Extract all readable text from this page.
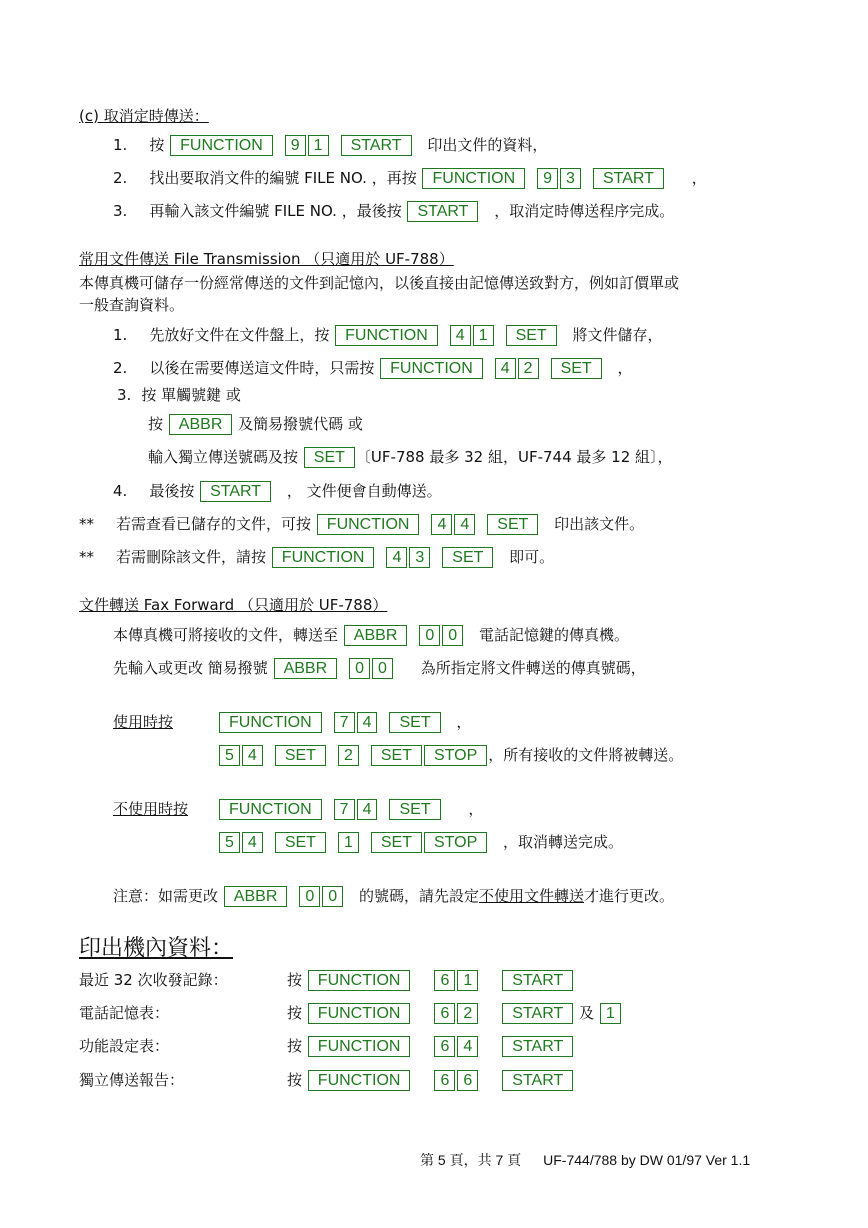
(c) 取消定時傳送：
1. 按 FUNCTION 9 1 START 印出文件的資料，
2. 找出要取消文件的編號 FILE NO. ，再按 FUNCTION 9 3 START	，
3. 再輸入該文件編號 FILE NO. ，最後按 START ，取消定時傳送程序完成。
常用文件傳送 File Transmission （只適用於 UF-788）
本傳真機可儲存一份經常傳送的文件到記憶內，以後直接由記憶傳送致對方，例如訂價單或
一般查詢資料。
1. 先放好文件在文件盤上，按 FUNCTION 4 1 SET 將文件儲存，
2. 以後在需要傳送這文件時，只需按 FUNCTION 4 2 SET ，
3. 按 單觸號鍵 或
按 ABBR 及簡易撥號代碼 或
輸入獨立傳送號碼及按 SET 〔UF-788 最多 32 組，UF-744 最多 12 組〕，
4. 最後按 START ， 文件便會自動傳送。
** 若需查看已儲存的文件，可按 FUNCTION 4 4 SET 印出該文件。
** 若需刪除該文件，請按 FUNCTION 4 3 SET 即可。
文件轉送 Fax Forward （只適用於 UF-788）
本傳真機可將接收的文件，轉送至 ABBR 0 0 電話記憶鍵的傳真機。
先輸入或更改 簡易撥號 ABBR 0 0 為所指定將文件轉送的傳真號碼，
使用時按	FUNCTION 7 4 SET ，
5 4 SET 2 SET STOP ，所有接收的文件將被轉送。
不使用時按	FUNCTION 7 4 SET	，
5 4 SET 1 SET STOP ，取消轉送完成。
注意：如需更改 ABBR 0 0 的號碼，請先設定不使用文件轉送才進行更改。
印出機內資料：
最近 32 次收發記錄：	按 FUNCTION	6 1	START
電話記憶表：	按 FUNCTION	6 2	START 及 1
功能設定表：	按 FUNCTION	6 4	START
獨立傳送報告：	按 FUNCTION	6 6	START
第 5 頁，共 7 頁 UF-744/788 by DW 01/97 Ver 1.1
